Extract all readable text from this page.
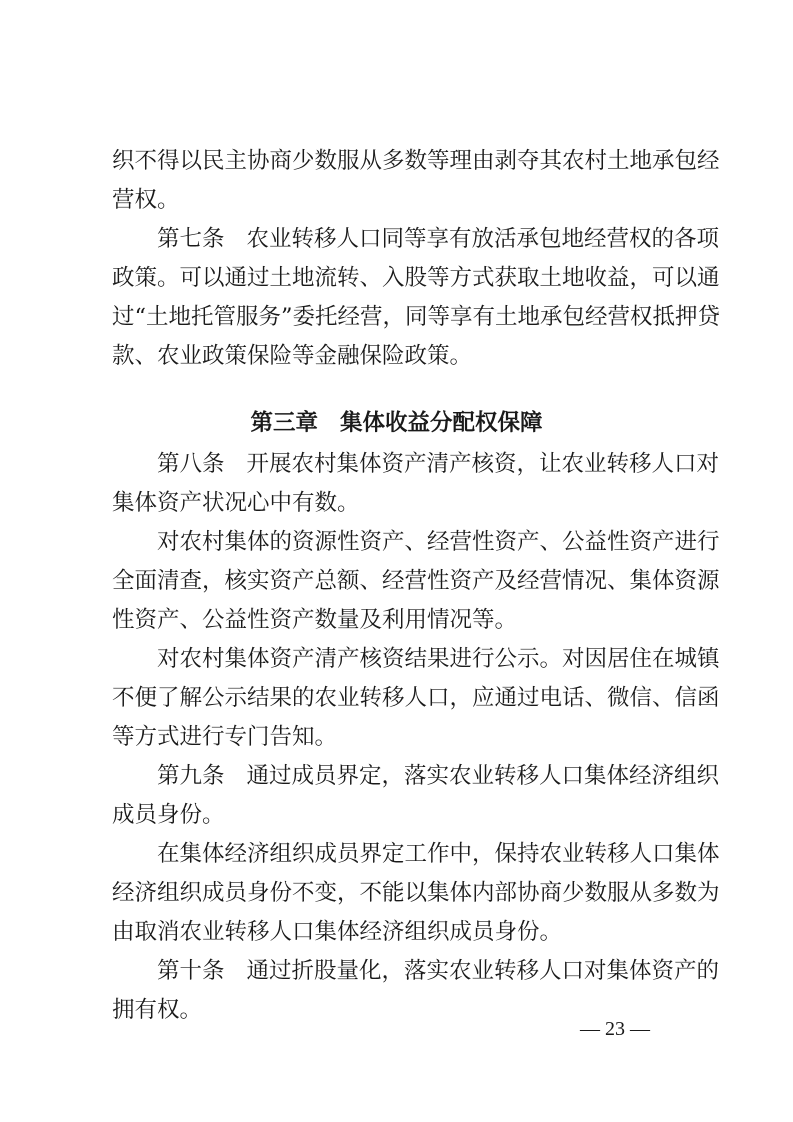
织不得以民主协商少数服从多数等理由剥夺其农村土地承包经
营权。
第七条 农业转移人口同等享有放活承包地经营权的各项
政策。可以通过土地流转、入股等方式获取土地收益，可以通
过“土地托管服务”委托经营，同等享有土地承包经营权抵押贷
款、农业政策保险等金融保险政策。
第三章 集体收益分配权保障
第八条 开展农村集体资产清产核资，让农业转移人口对
集体资产状况心中有数。
对农村集体的资源性资产、经营性资产、公益性资产进行
全面清查，核实资产总额、经营性资产及经营情况、集体资源
性资产、公益性资产数量及利用情况等。
对农村集体资产清产核资结果进行公示。对因居住在城镇
不便了解公示结果的农业转移人口，应通过电话、微信、信函
等方式进行专门告知。
第九条 通过成员界定，落实农业转移人口集体经济组织
成员身份。
在集体经济组织成员界定工作中，保持农业转移人口集体
经济组织成员身份不变，不能以集体内部协商少数服从多数为
由取消农业转移人口集体经济组织成员身份。
第十条 通过折股量化，落实农业转移人口对集体资产的
拥有权。
— 23 —
